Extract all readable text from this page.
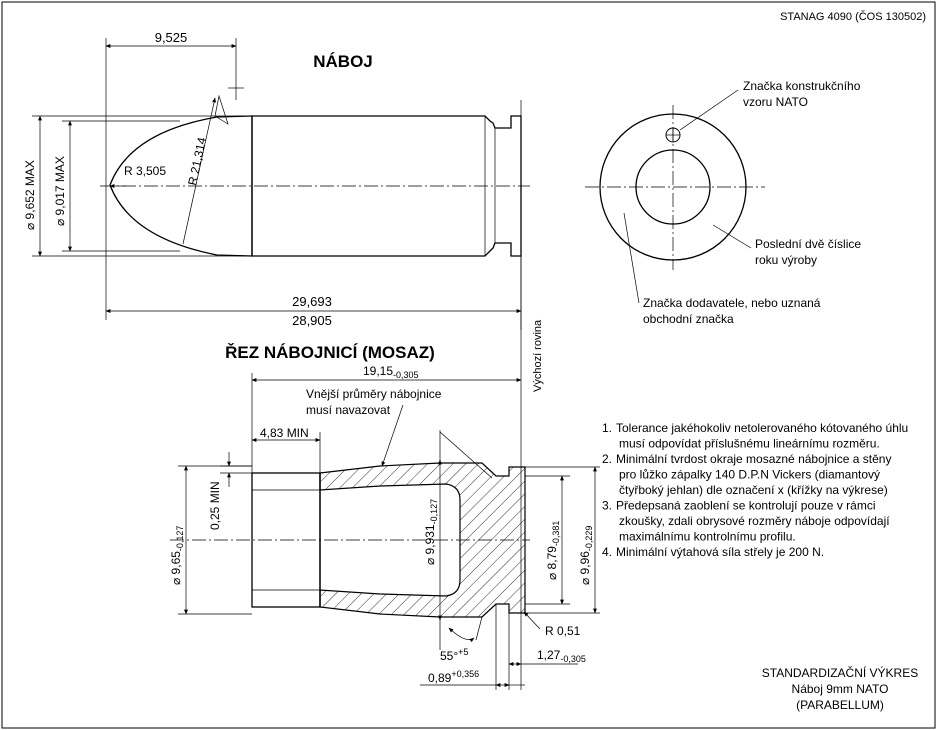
STANAG 4090 (ČOS 130502)
NÁBOJ
R 21,314
R 3,505
9,525
⌀ 9,652 MAX ⌀ 9,017 MAX
29,693
28,905	Výchozí rovina
Značka konstrukčního
vzoru NATO
Poslední dvě číslice
roku výroby
Značka dodavatele, nebo uznaná
obchodní značka
ŘEZ NÁBOJNICÍ (MOSAZ)
$19,15_{-0,305}$
Vnější průměry nábojnice
musí navazovat
4,83 MIN
0,25 MIN
⌀ $9,65_{-0,127}$	⌀ $9,931_{-0,127}$
⌀ $8,79_{-0,381}$
⌀ $9,96_{-0,229}$
R 0,51
55°$^{+5}$	$1,27_{-0,305}$
$0,89^{+0,356}$
1. Tolerance jakéhokoliv netolerovaného kótovaného úhlu
musí odpovídat příslušnému lineárnímu rozměru.
2. Minimální tvrdost okraje mosazné nábojnice a stěny
pro lůžko zápalky 140 D.P.N Vickers (diamantový
čtyřboký jehlan) dle označení x (křížky na výkrese)
3. Předepsaná zaoblení se kontrolují pouze v rámci
zkoušky, zdali obrysové rozměry náboje odpovídají
maximálnímu kontrolnímu profilu.
4. Minimální výtahová síla střely je 200 N.
STANDARDIZAČNÍ VÝKRES
Náboj 9mm NATO
(PARABELLUM)
